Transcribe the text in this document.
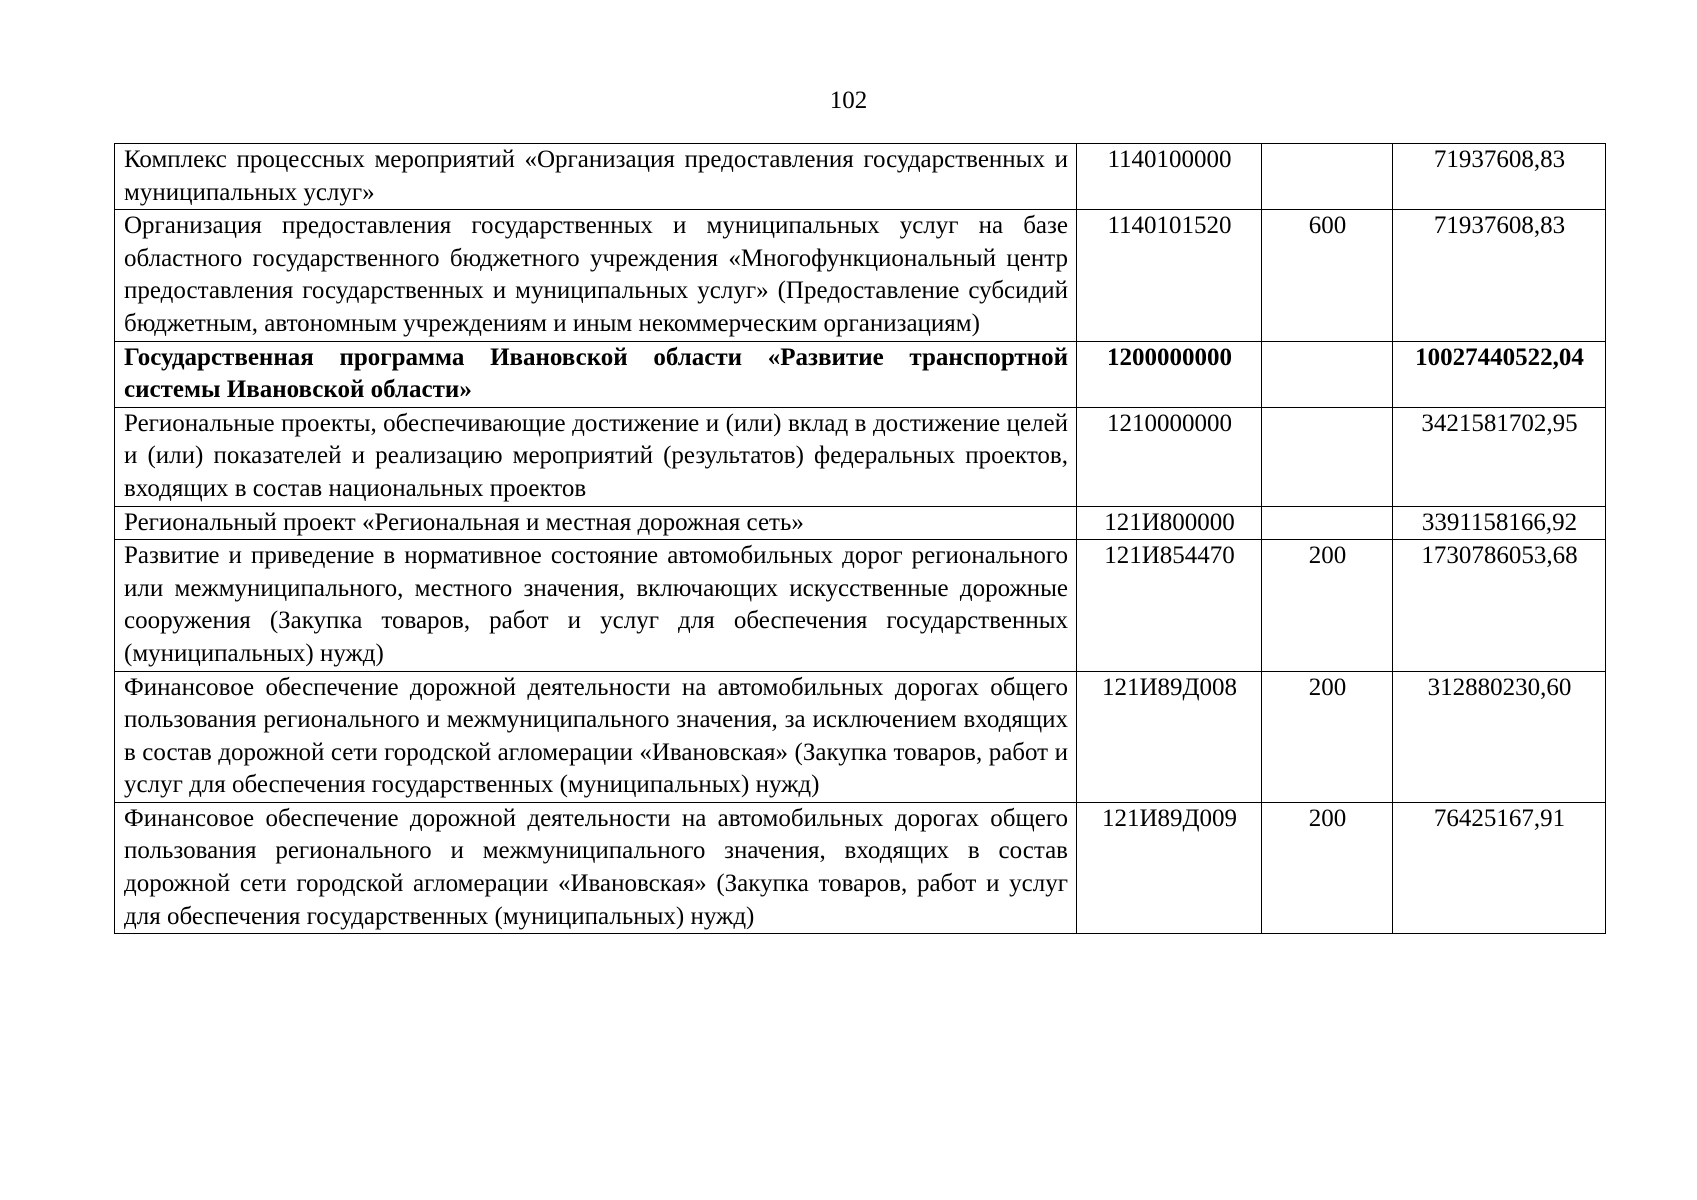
102
Комплекс процессных мероприятий «Организация предоставления государственных и муниципальных услуг»	1140100000		71937608,83
Организация предоставления государственных и муниципальных услуг на базе областного государственного бюджетного учреждения «Многофункциональный центр предоставления государственных и муниципальных услуг» (Предоставление субсидий бюджетным, автономным учреждениям и иным некоммерческим организациям)	1140101520	600	71937608,83
Государственная программа Ивановской области «Развитие транспортной системы Ивановской области»	1200000000		10027440522,04
Региональные проекты, обеспечивающие достижение и (или) вклад в достижение целей и (или) показателей и реализацию мероприятий (результатов) федеральных проектов, входящих в состав национальных проектов	1210000000		3421581702,95
Региональный проект «Региональная и местная дорожная сеть»	121И800000		3391158166,92
Развитие и приведение в нормативное состояние автомобильных дорог регионального или межмуниципального, местного значения, включающих искусственные дорожные сооружения (Закупка товаров, работ и услуг для обеспечения государственных (муниципальных) нужд)	121И854470	200	1730786053,68
Финансовое обеспечение дорожной деятельности на автомобильных дорогах общего пользования регионального и межмуниципального значения, за исключением входящих в состав дорожной сети городской агломерации «Ивановская» (Закупка товаров, работ и услуг для обеспечения государственных (муниципальных) нужд)	121И89Д008	200	312880230,60
Финансовое обеспечение дорожной деятельности на автомобильных дорогах общего пользования регионального и межмуниципального значения, входящих в состав дорожной сети городской агломерации «Ивановская» (Закупка товаров, работ и услуг для обеспечения государственных (муниципальных) нужд)	121И89Д009	200	76425167,91
